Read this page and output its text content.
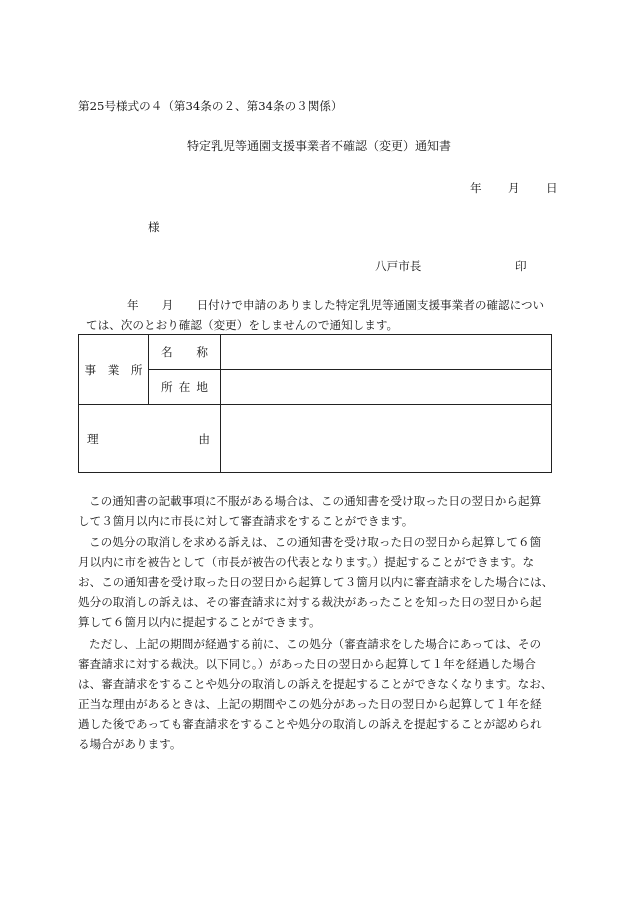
第25号様式の４（第34条の２、第34条の３関係）
特定乳児等通園支援事業者不確認（変更）通知書
年 月 日
様
八戸市長	印
年　　月　　日付けで申請のありました特定乳児等通園支援事業者の確認につい
ては、次のとおり確認（変更）をしませんので通知します。
事　業　所	名称	
	所在地	
理由		

この通知書の記載事項に不服がある場合は、この通知書を受け取った日の翌日から起算

して３箇月以内に市長に対して審査請求をすることができます。

この処分の取消しを求める訴えは、この通知書を受け取った日の翌日から起算して６箇

月以内に市を被告として（市長が被告の代表となります。）提起することができます。な

お、この通知書を受け取った日の翌日から起算して３箇月以内に審査請求をした場合には、

処分の取消しの訴えは、その審査請求に対する裁決があったことを知った日の翌日から起

算して６箇月以内に提起することができます。

ただし、上記の期間が経過する前に、この処分（審査請求をした場合にあっては、その

審査請求に対する裁決。以下同じ。）があった日の翌日から起算して１年を経過した場合

は、審査請求をすることや処分の取消しの訴えを提起することができなくなります。なお、

正当な理由があるときは、上記の期間やこの処分があった日の翌日から起算して１年を経

過した後であっても審査請求をすることや処分の取消しの訴えを提起することが認められ

る場合があります。
